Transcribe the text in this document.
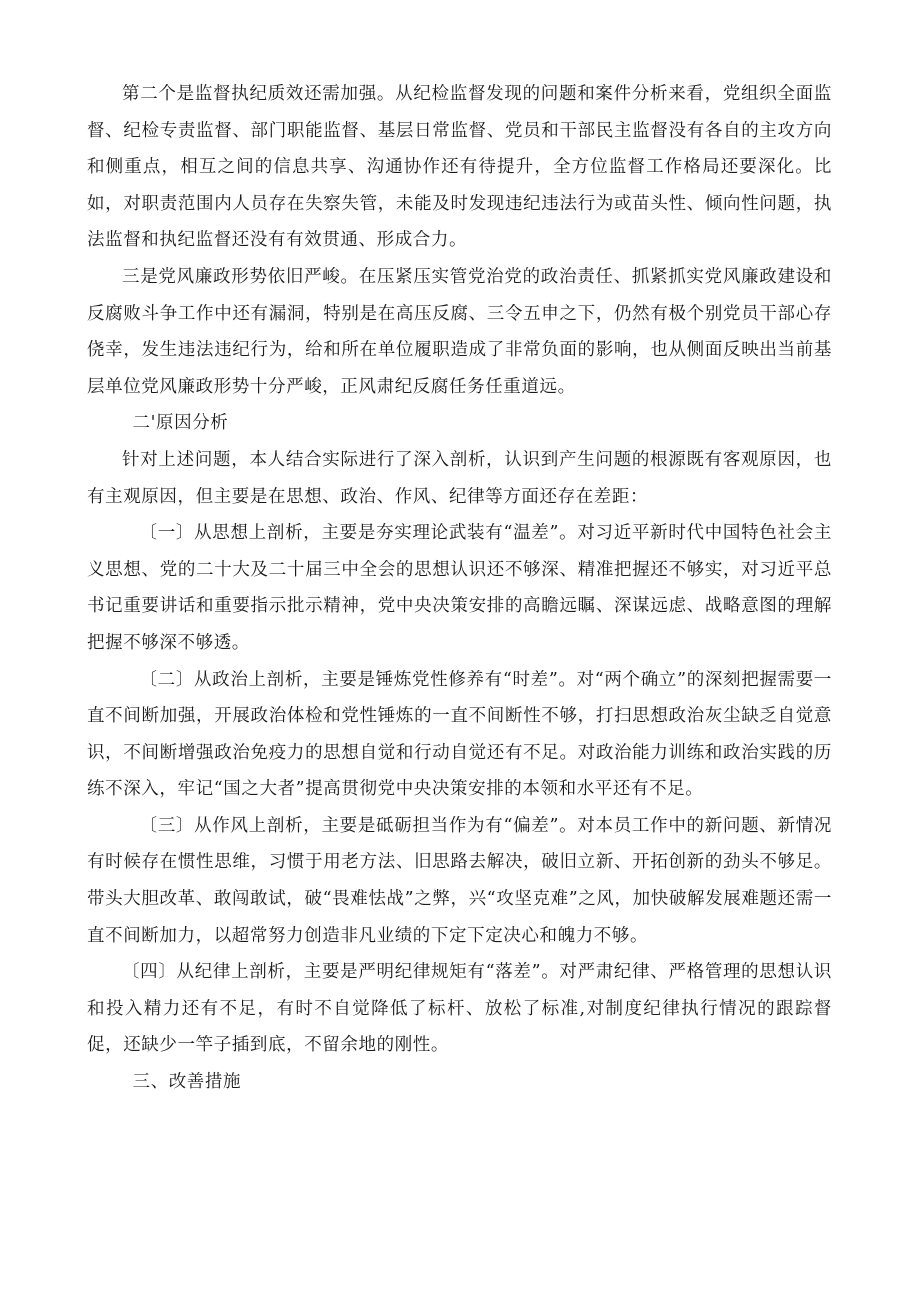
第二个是监督执纪质效还需加强。从纪检监督发现的问题和案件分析来看，党组织全面监督、纪检专责监督、部门职能监督、基层日常监督、党员和干部民主监督没有各自的主攻方向和侧重点，相互之间的信息共享、沟通协作还有待提升，全方位监督工作格局还要深化。比如，对职责范围内人员存在失察失管，未能及时发现违纪违法行为或苗头性、倾向性问题，执法监督和执纪监督还没有有效贯通、形成合力。

三是党风廉政形势依旧严峻。在压紧压实管党治党的政治责任、抓紧抓实党风廉政建设和反腐败斗争工作中还有漏洞，特别是在高压反腐、三令五申之下，仍然有极个别党员干部心存侥幸，发生违法违纪行为，给和所在单位履职造成了非常负面的影响，也从侧面反映出当前基层单位党风廉政形势十分严峻，正风肃纪反腐任务任重道远。

二'原因分析

针对上述问题，本人结合实际进行了深入剖析，认识到产生问题的根源既有客观原因，也有主观原因，但主要是在思想、政治、作风、纪律等方面还存在差距：

〔一〕从思想上剖析，主要是夯实理论武装有“温差”。对习近平新时代中国特色社会主义思想、党的二十大及二十届三中全会的思想认识还不够深、精准把握还不够实，对习近平总书记重要讲话和重要指示批示精神，党中央决策安排的高瞻远瞩、深谋远虑、战略意图的理解把握不够深不够透。

〔二〕从政治上剖析，主要是锤炼党性修养有“时差”。对“两个确立”的深刻把握需要一直不间断加强，开展政治体检和党性锤炼的一直不间断性不够，打扫思想政治灰尘缺乏自觉意识，不间断增强政治免疫力的思想自觉和行动自觉还有不足。对政治能力训练和政治实践的历练不深入，牢记“国之大者”提高贯彻党中央决策安排的本领和水平还有不足。

〔三〕从作风上剖析，主要是砥砺担当作为有“偏差”。对本员工作中的新问题、新情况有时候存在惯性思维，习惯于用老方法、旧思路去解决，破旧立新、开拓创新的劲头不够足。带头大胆改革、敢闯敢试，破“畏难怯战”之弊，兴“攻坚克难”之风，加快破解发展难题还需一直不间断加力，以超常努力创造非凡业绩的下定下定决心和魄力不够。

〔四〕从纪律上剖析，主要是严明纪律规矩有“落差”。对严肃纪律、严格管理的思想认识和投入精力还有不足，有时不自觉降低了标杆、放松了标准,对制度纪律执行情况的跟踪督促，还缺少一竿子插到底，不留余地的刚性。

三、改善措施
